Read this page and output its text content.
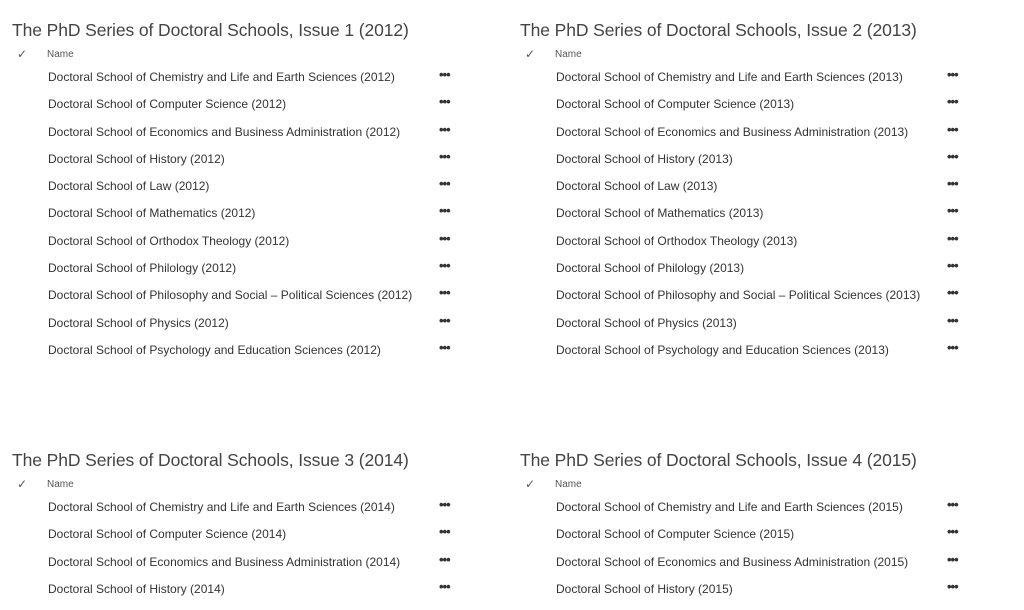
The PhD Series of Doctoral Schools, Issue 1 (2012)
✓ Name
Doctoral School of Chemistry and Life and Earth Sciences (2012)	•••
Doctoral School of Computer Science (2012)	•••
Doctoral School of Economics and Business Administration (2012)	•••
Doctoral School of History (2012)	•••
Doctoral School of Law (2012)	•••
Doctoral School of Mathematics (2012)	•••
Doctoral School of Orthodox Theology (2012)	•••
Doctoral School of Philology (2012)	•••
Doctoral School of Philosophy and Social – Political Sciences (2012) •••
Doctoral School of Physics (2012)	•••
Doctoral School of Psychology and Education Sciences (2012)	•••
The PhD Series of Doctoral Schools, Issue 2 (2013)
✓ Name
Doctoral School of Chemistry and Life and Earth Sciences (2013)	•••
Doctoral School of Computer Science (2013)	•••
Doctoral School of Economics and Business Administration (2013)	•••
Doctoral School of History (2013)	•••
Doctoral School of Law (2013)	•••
Doctoral School of Mathematics (2013)	•••
Doctoral School of Orthodox Theology (2013)	•••
Doctoral School of Philology (2013)	•••
Doctoral School of Philosophy and Social – Political Sciences (2013) •••
Doctoral School of Physics (2013)	•••
Doctoral School of Psychology and Education Sciences (2013)	•••
The PhD Series of Doctoral Schools, Issue 3 (2014)
✓ Name
Doctoral School of Chemistry and Life and Earth Sciences (2014)	•••
Doctoral School of Computer Science (2014)	•••
Doctoral School of Economics and Business Administration (2014)	•••
Doctoral School of History (2014)	•••
The PhD Series of Doctoral Schools, Issue 4 (2015)
✓ Name
Doctoral School of Chemistry and Life and Earth Sciences (2015)	•••
Doctoral School of Computer Science (2015)	•••
Doctoral School of Economics and Business Administration (2015)	•••
Doctoral School of History (2015)	•••
